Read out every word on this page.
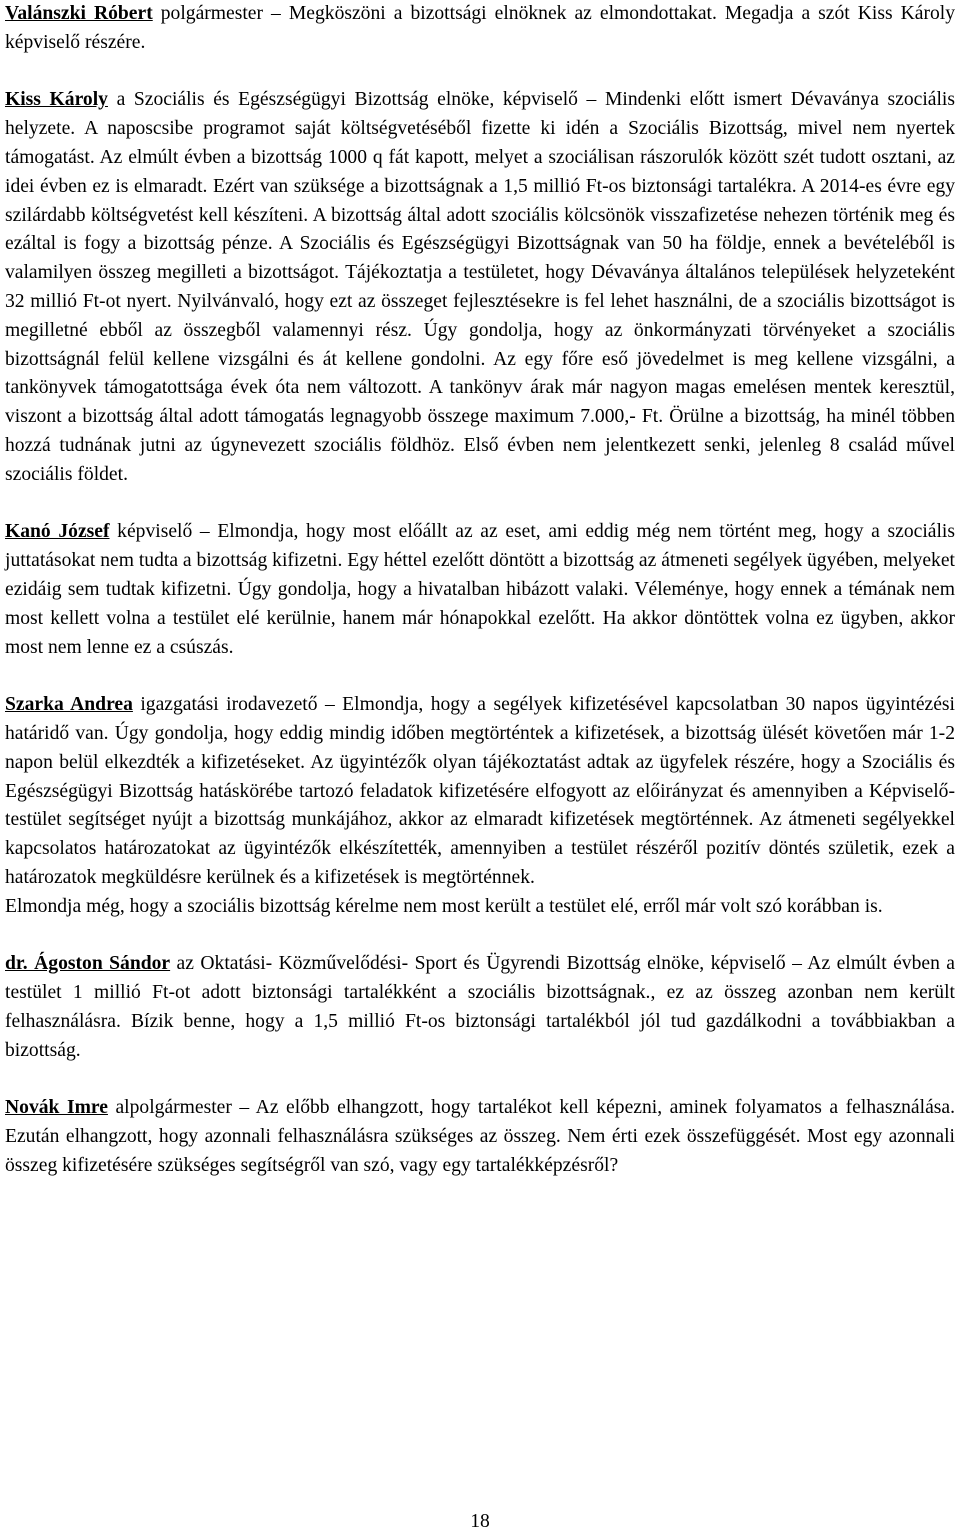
Valánszki Róbert polgármester – Megköszöni a bizottsági elnöknek az elmondottakat. Megadja a szót Kiss Károly képviselő részére.

Kiss Károly a Szociális és Egészségügyi Bizottság elnöke, képviselő – Mindenki előtt ismert Dévaványa szociális helyzete. A naposcsibe programot saját költségvetéséből fizette ki idén a Szociális Bizottság, mivel nem nyertek támogatást. Az elmúlt évben a bizottság 1000 q fát kapott, melyet a szociálisan rászorulók között szét tudott osztani, az idei évben ez is elmaradt. Ezért van szüksége a bizottságnak a 1,5 millió Ft-os biztonsági tartalékra. A 2014-es évre egy szilárdabb költségvetést kell készíteni. A bizottság által adott szociális kölcsönök visszafizetése nehezen történik meg és ezáltal is fogy a bizottság pénze. A Szociális és Egészségügyi Bizottságnak van 50 ha földje, ennek a bevételéből is valamilyen összeg megilleti a bizottságot. Tájékoztatja a testületet, hogy Dévaványa általános települések helyzeteként 32 millió Ft-ot nyert. Nyilvánvaló, hogy ezt az összeget fejlesztésekre is fel lehet használni, de a szociális bizottságot is megilletné ebből az összegből valamennyi rész. Úgy gondolja, hogy az önkormányzati törvényeket a szociális bizottságnál felül kellene vizsgálni és át kellene gondolni. Az egy főre eső jövedelmet is meg kellene vizsgálni, a tankönyvek támogatottsága évek óta nem változott. A tankönyv árak már nagyon magas emelésen mentek keresztül, viszont a bizottság által adott támogatás legnagyobb összege maximum 7.000,- Ft. Örülne a bizottság, ha minél többen hozzá tudnának jutni az úgynevezett szociális földhöz. Első évben nem jelentkezett senki, jelenleg 8 család művel szociális földet.

Kanó József képviselő – Elmondja, hogy most előállt az az eset, ami eddig még nem történt meg, hogy a szociális juttatásokat nem tudta a bizottság kifizetni. Egy héttel ezelőtt döntött a bizottság az átmeneti segélyek ügyében, melyeket ezidáig sem tudtak kifizetni. Úgy gondolja, hogy a hivatalban hibázott valaki. Véleménye, hogy ennek a témának nem most kellett volna a testület elé kerülnie, hanem már hónapokkal ezelőtt. Ha akkor döntöttek volna ez ügyben, akkor most nem lenne ez a csúszás.

Szarka Andrea igazgatási irodavezető – Elmondja, hogy a segélyek kifizetésével kapcsolatban 30 napos ügyintézési határidő van. Úgy gondolja, hogy eddig mindig időben megtörténtek a kifizetések, a bizottság ülését követően már 1-2 napon belül elkezdték a kifizetéseket. Az ügyintézők olyan tájékoztatást adtak az ügyfelek részére, hogy a Szociális és Egészségügyi Bizottság hatáskörébe tartozó feladatok kifizetésére elfogyott az előirányzat és amennyiben a Képviselő-testület segítséget nyújt a bizottság munkájához, akkor az elmaradt kifizetések megtörténnek. Az átmeneti segélyekkel kapcsolatos határozatokat az ügyintézők elkészítették, amennyiben a testület részéről pozitív döntés születik, ezek a határozatok megküldésre kerülnek és a kifizetések is megtörténnek.

Elmondja még, hogy a szociális bizottság kérelme nem most került a testület elé, erről már volt szó korábban is.

dr. Ágoston Sándor az Oktatási- Közművelődési- Sport és Ügyrendi Bizottság elnöke, képviselő – Az elmúlt évben a testület 1 millió Ft-ot adott biztonsági tartalékként a szociális bizottságnak., ez az összeg azonban nem került felhasználásra. Bízik benne, hogy a 1,5 millió Ft-os biztonsági tartalékból jól tud gazdálkodni a továbbiakban a bizottság.

Novák Imre alpolgármester – Az előbb elhangzott, hogy tartalékot kell képezni, aminek folyamatos a felhasználása. Ezután elhangzott, hogy azonnali felhasználásra szükséges az összeg. Nem érti ezek összefüggését. Most egy azonnali összeg kifizetésére szükséges segítségről van szó, vagy egy tartalékképzésről?

18
